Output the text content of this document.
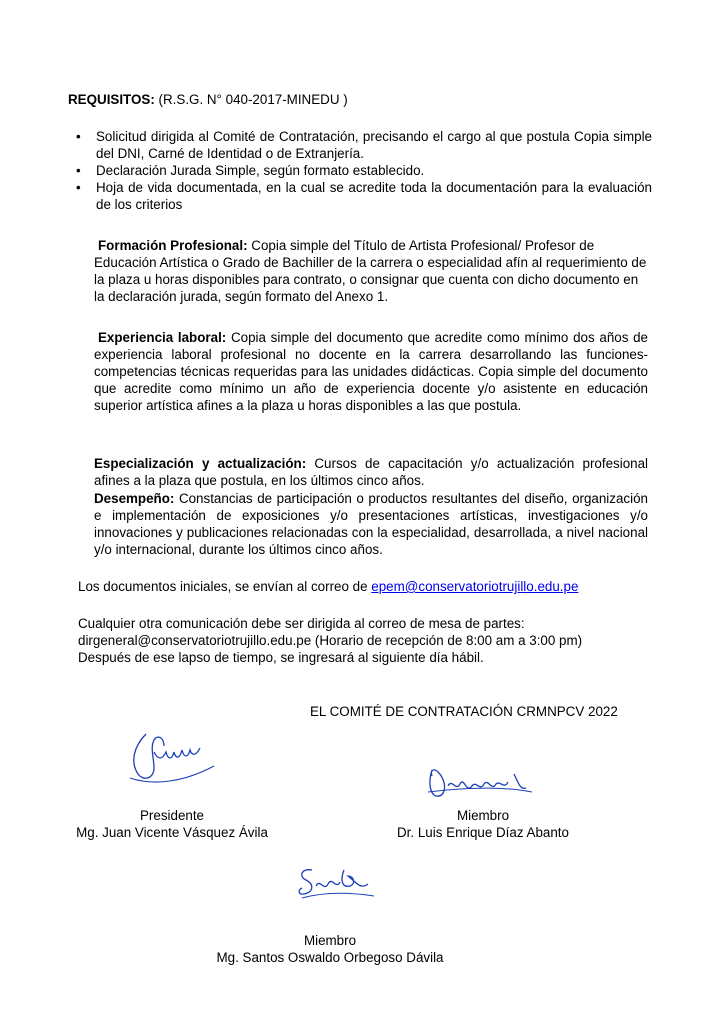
REQUISITOS: (R.S.G. N° 040-2017-MINEDU )
• Solicitud dirigida al Comité de Contratación, precisando el cargo al que postula Copia simple del DNI, Carné de Identidad o de Extranjería.
• Declaración Jurada Simple, según formato establecido.
• Hoja de vida documentada, en la cual se acredite toda la documentación para la evaluación de los criterios
Formación Profesional: Copia simple del Título de Artista Profesional/ Profesor de Educación Artística o Grado de Bachiller de la carrera o especialidad afín al requerimiento de la plaza u horas disponibles para contrato, o consignar que cuenta con dicho documento en la declaración jurada, según formato del Anexo 1.
Experiencia laboral: Copia simple del documento que acredite como mínimo dos años de experiencia laboral profesional no docente en la carrera desarrollando las funciones- competencias técnicas requeridas para las unidades didácticas. Copia simple del documento que acredite como mínimo un año de experiencia docente y/o asistente en educación superior artística afines a la plaza u horas disponibles a las que postula.
Especialización y actualización: Cursos de capacitación y/o actualización profesional afines a la plaza que postula, en los últimos cinco años.
Desempeño: Constancias de participación o productos resultantes del diseño, organización e implementación de exposiciones y/o presentaciones artísticas, investigaciones y/o innovaciones y publicaciones relacionadas con la especialidad, desarrollada, a nivel nacional y/o internacional, durante los últimos cinco años.
Los documentos iniciales, se envían al correo de epem@conservatoriotrujillo.edu.pe
Cualquier otra comunicación debe ser dirigida al correo de mesa de partes:
dirgeneral@conservatoriotrujillo.edu.pe (Horario de recepción de 8:00 am a 3:00 pm)
Después de ese lapso de tiempo, se ingresará al siguiente día hábil.
EL COMITÉ DE CONTRATACIÓN CRMNPCV 2022
Presidente
Mg. Juan Vicente Vásquez Ávila
Miembro
Dr. Luis Enrique Díaz Abanto
Miembro
Mg. Santos Oswaldo Orbegoso Dávila
